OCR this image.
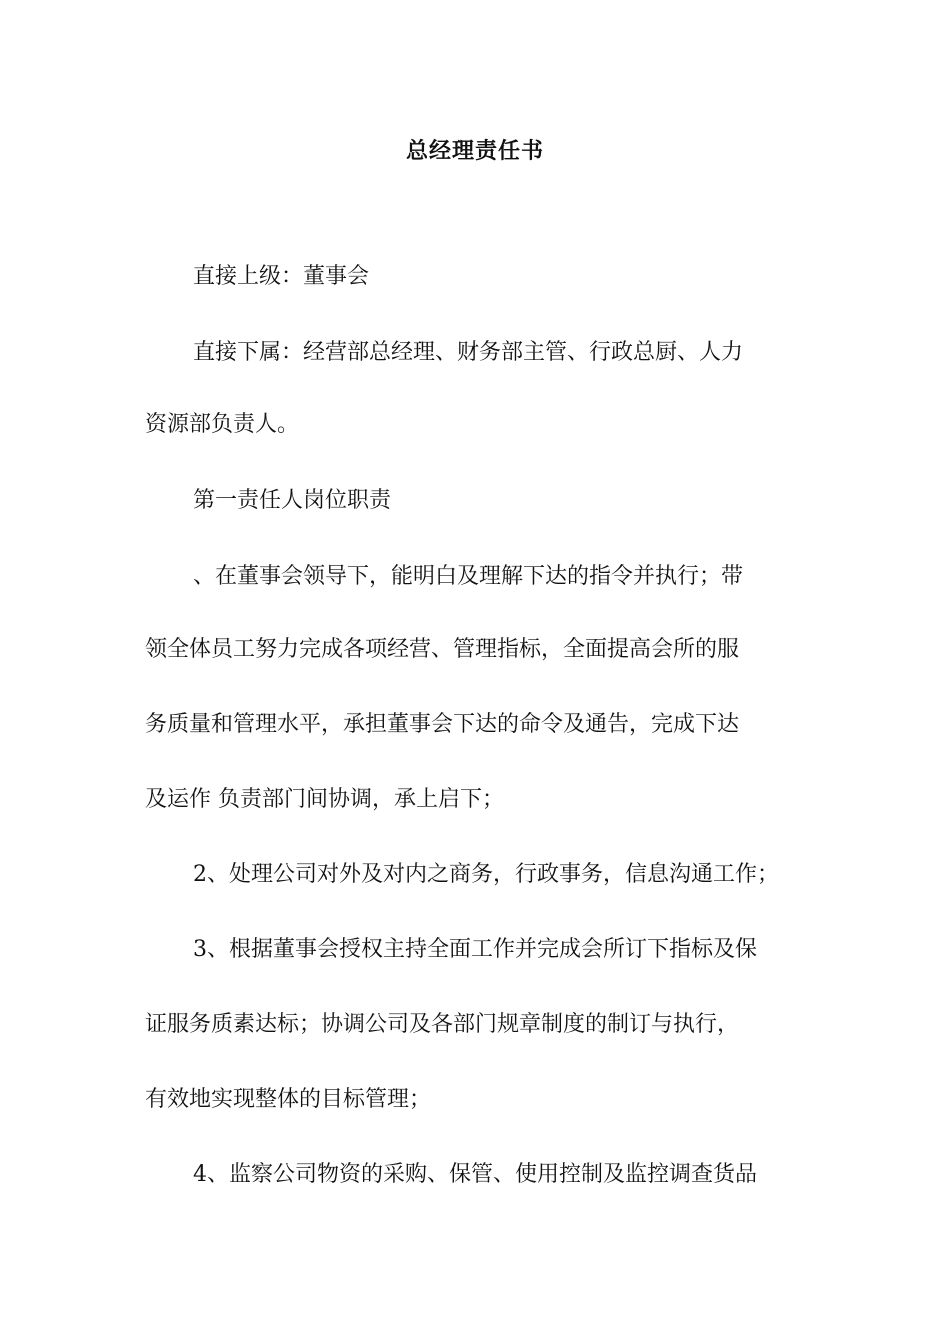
总经理责任书
直接上级：董事会
直接下属：经营部总经理、财务部主管、行政总厨、人力
资源部负责人。
第一责任人岗位职责
、在董事会领导下，能明白及理解下达的指令并执行；带
领全体员工努力完成各项经营、管理指标，全面提高会所的服
务质量和管理水平，承担董事会下达的命令及通告，完成下达
及运作 负责部门间协调，承上启下；
2、处理公司对外及对内之商务，行政事务，信息沟通工作；
3、根据董事会授权主持全面工作并完成会所订下指标及保
证服务质素达标；协调公司及各部门规章制度的制订与执行，
有效地实现整体的目标管理；
4、监察公司物资的采购、保管、使用控制及监控调查货品
